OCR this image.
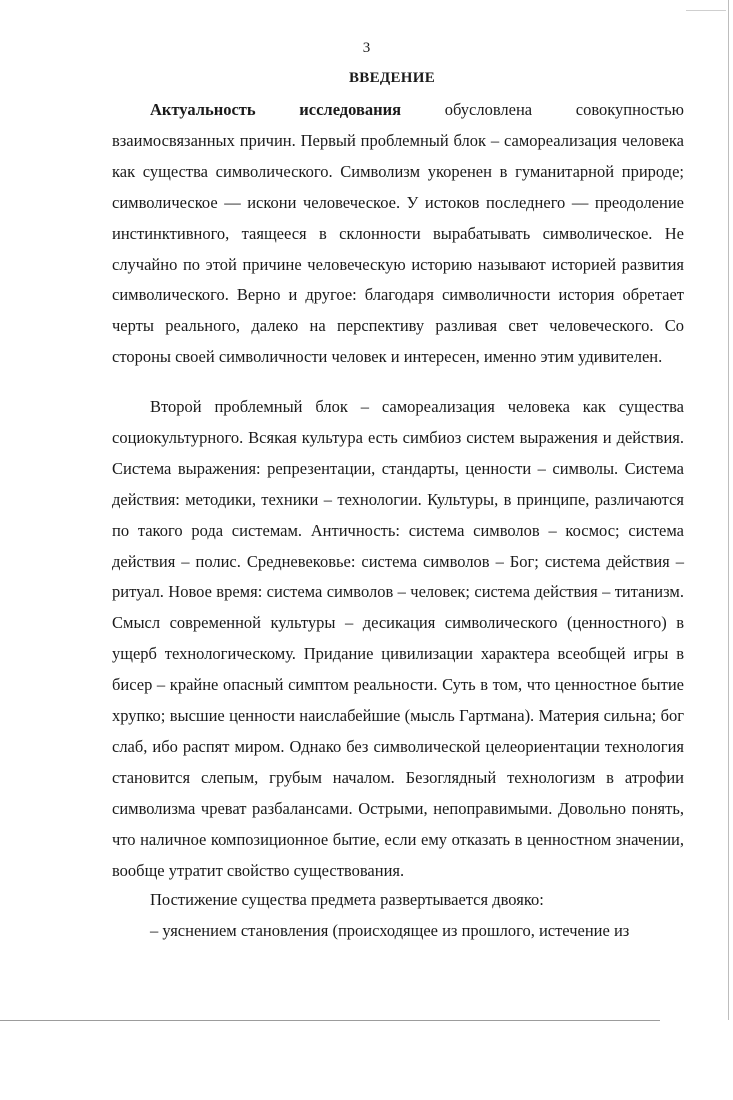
3
ВВЕДЕНИЕ

Актуальность исследования обусловлена совокупностью взаимосвязанных причин. Первый проблемный блок – самореализация человека как существа символического. Символизм укоренен в гуманитарной природе; символическое — искони человеческое. У истоков последнего — преодоление инстинктивного, таящееся в склонности вырабатывать символическое. Не случайно по этой причине человеческую историю называют историей развития символического. Верно и другое: благодаря символичности история обретает черты реального, далеко на перспективу разливая свет человеческого. Со стороны своей символичности человек и интересен, именно этим удивителен.

Второй проблемный блок – самореализация человека как существа социокультурного. Всякая культура есть симбиоз систем выражения и действия. Система выражения: репрезентации, стандарты, ценности – символы. Система действия: методики, техники – технологии. Культуры, в принципе, различаются по такого рода системам. Античность: система символов – космос; система действия – полис. Средневековье: система символов – Бог; система действия – ритуал. Новое время: система символов – человек; система действия – титанизм. Смысл современной культуры – десикация символического (ценностного) в ущерб технологическому. Придание цивилизации характера всеобщей игры в бисер – крайне опасный симптом реальности. Суть в том, что ценностное бытие хрупко; высшие ценности наислабейшие (мысль Гартмана). Материя сильна; бог слаб, ибо распят миром. Однако без символической целеориентации технология становится слепым, грубым началом. Безоглядный технологизм в атрофии символизма чреват разбалансами. Острыми, непоправимыми. Довольно понять, что наличное композиционное бытие, если ему отказать в ценностном значении, вообще утратит свойство существования.

Постижение существа предмета развертывается двояко:

– уяснением становления (происходящее из прошлого, истечение из
